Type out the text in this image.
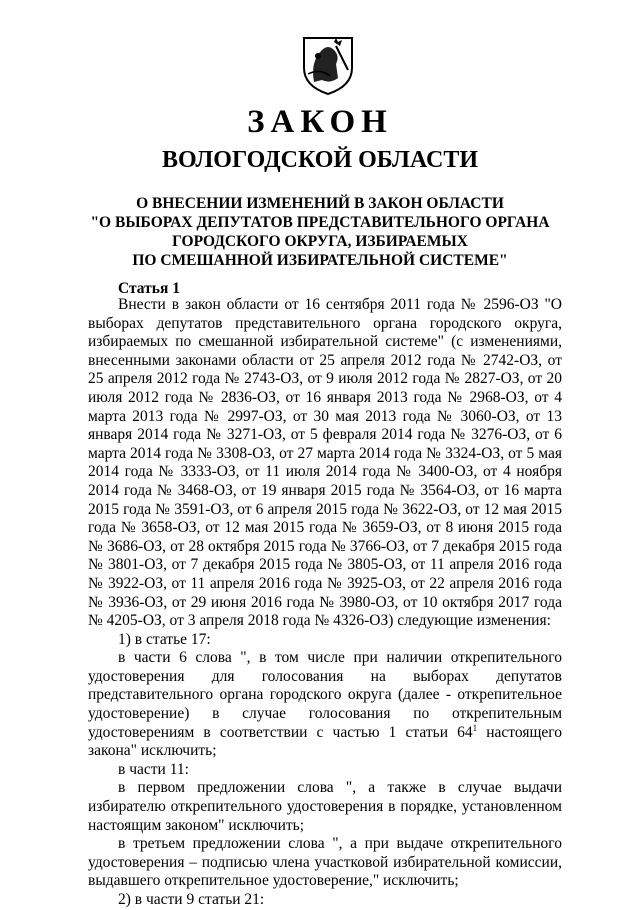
ЗАКОН
ВОЛОГОДСКОЙ ОБЛАСТИ
О ВНЕСЕНИИ ИЗМЕНЕНИЙ В ЗАКОН ОБЛАСТИ
"О ВЫБОРАХ ДЕПУТАТОВ ПРЕДСТАВИТЕЛЬНОГО ОРГАНА
ГОРОДСКОГО ОКРУГА, ИЗБИРАЕМЫХ
ПО СМЕШАННОЙ ИЗБИРАТЕЛЬНОЙ СИСТЕМЕ"
Статья 1

Внести в закон области от 16 сентября 2011 года № 2596-ОЗ "О выборах депутатов представительного органа городского округа, избираемых по смешанной избирательной системе" (с изменениями, внесенными законами области от 25 апреля 2012 года № 2742-ОЗ, от 25 апреля 2012 года № 2743-ОЗ, от 9 июля 2012 года № 2827-ОЗ, от 20 июля 2012 года № 2836-ОЗ, от 16 января 2013 года № 2968-ОЗ, от 4 марта 2013 года № 2997-ОЗ, от 30 мая 2013 года № 3060-ОЗ, от 13 января 2014 года № 3271-ОЗ, от 5 февраля 2014 года № 3276-ОЗ, от 6 марта 2014 года № 3308-ОЗ, от 27 марта 2014 года № 3324-ОЗ, от 5 мая 2014 года № 3333-ОЗ, от 11 июля 2014 года № 3400-ОЗ, от 4 ноября 2014 года № 3468-ОЗ, от 19 января 2015 года № 3564-ОЗ, от 16 марта 2015 года № 3591-ОЗ, от 6 апреля 2015 года № 3622-ОЗ, от 12 мая 2015 года № 3658-ОЗ, от 12 мая 2015 года № 3659-ОЗ, от 8 июня 2015 года № 3686-ОЗ, от 28 октября 2015 года № 3766-ОЗ, от 7 декабря 2015 года № 3801-ОЗ, от 7 декабря 2015 года № 3805-ОЗ, от 11 апреля 2016 года № 3922-ОЗ, от 11 апреля 2016 года № 3925-ОЗ, от 22 апреля 2016 года № 3936-ОЗ, от 29 июня 2016 года № 3980-ОЗ, от 10 октября 2017 года № 4205-ОЗ, от 3 апреля 2018 года № 4326-ОЗ) следующие изменения:

1) в статье 17:

в части 6 слова ", в том числе при наличии открепительного удостоверения для голосования на выборах депутатов представительного органа городского округа (далее - открепительное удостоверение) в случае голосования по открепительным удостоверениям в соответствии с частью 1 статьи $64^1$ настоящего закона" исключить;

в части 11:

в первом предложении слова ", а также в случае выдачи избирателю открепительного удостоверения в порядке, установленном настоящим законом" исключить;

в третьем предложении слова ", а при выдаче открепительного удостоверения – подписью члена участковой избирательной комиссии, выдавшего открепительное удостоверение," исключить;

2) в части 9 статьи 21:
